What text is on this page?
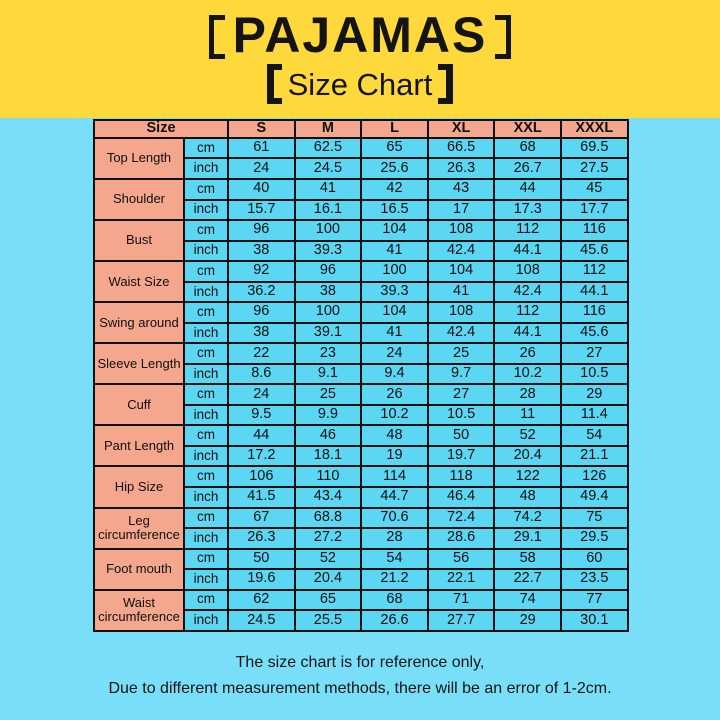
PAJAMAS
Size Chart
Size		S	M	L	XL	XXL	XXXL
Top Length	cm	61	62.5	65	66.5	68	69.5
	inch	24	24.5	25.6	26.3	26.7	27.5
Shoulder	cm	40	41	42	43	44	45
	inch	15.7	16.1	16.5	17	17.3	17.7
Bust	cm	96	100	104	108	112	116
	inch	38	39.3	41	42.4	44.1	45.6
Waist Size	cm	92	96	100	104	108	112
	inch	36.2	38	39.3	41	42.4	44.1
Swing around	cm	96	100	104	108	112	116
	inch	38	39.1	41	42.4	44.1	45.6
Sleeve Length	cm	22	23	24	25	26	27
	inch	8.6	9.1	9.4	9.7	10.2	10.5
Cuff	cm	24	25	26	27	28	29
	inch	9.5	9.9	10.2	10.5	11	11.4
Pant Length	cm	44	46	48	50	52	54
	inch	17.2	18.1	19	19.7	20.4	21.1
Hip Size	cm	106	110	114	118	122	126
	inch	41.5	43.4	44.7	46.4	48	49.4
Leg circumference	cm	67	68.8	70.6	72.4	74.2	75
	inch	26.3	27.2	28	28.6	29.1	29.5
Foot mouth	cm	50	52	54	56	58	60
	inch	19.6	20.4	21.2	22.1	22.7	23.5
Waist circumference	cm	62	65	68	71	74	77
	inch	24.5	25.5	26.6	27.7	29	30.1
The size chart is for reference only,
Due to different measurement methods, there will be an error of 1-2cm.
